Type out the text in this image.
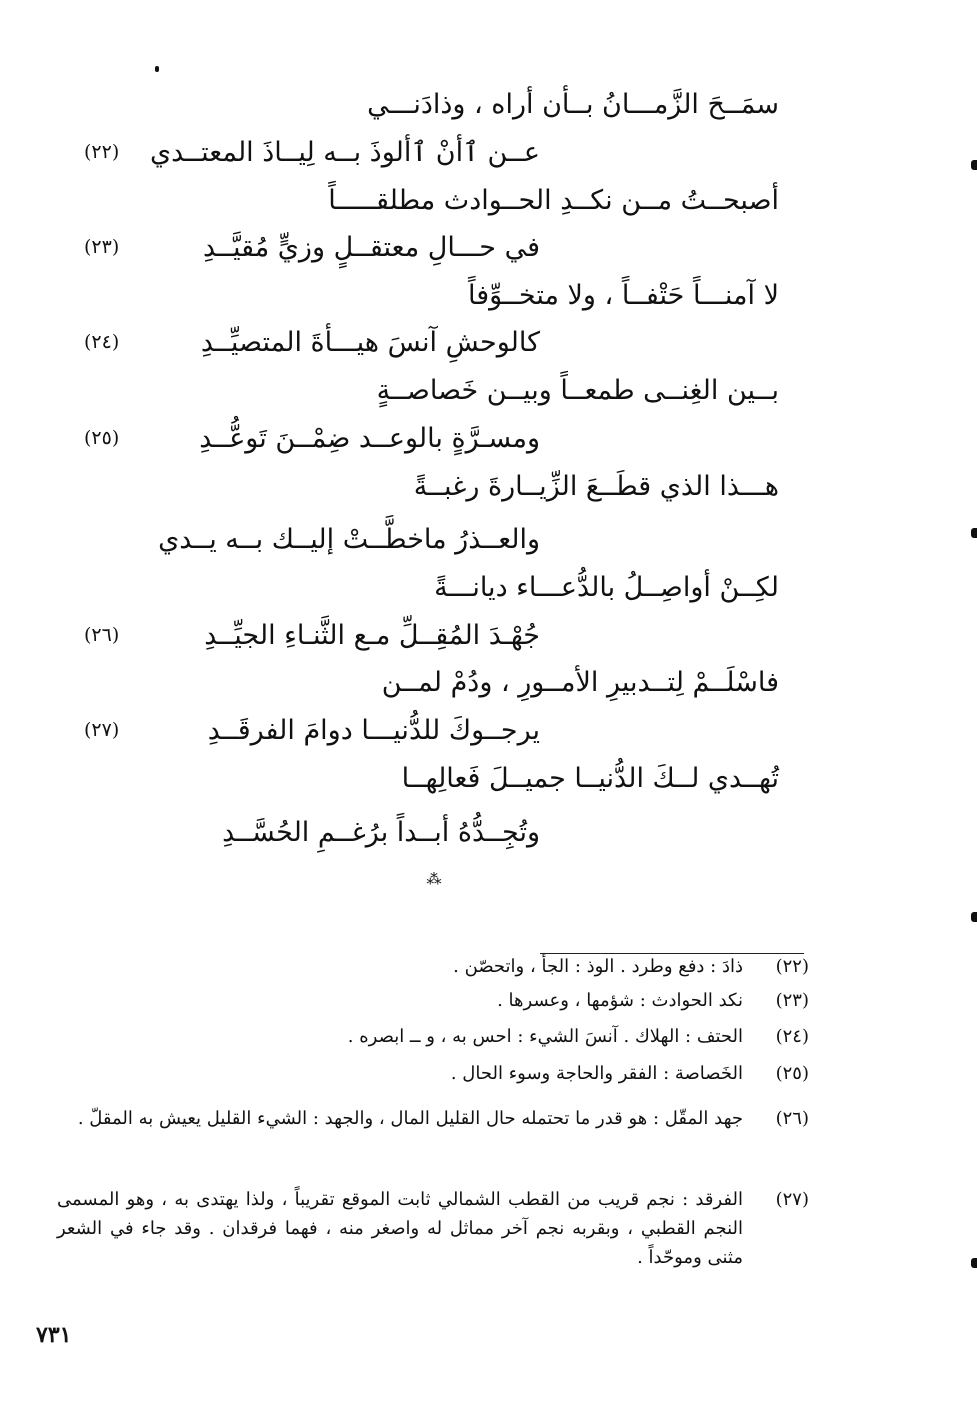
سمَــحَ الزَّمـــانُ بــأن أراه ، وذادَنـــي
عــن ٱأنْ ٱألوذَ بــه لِيــاذَ المعتــدي
(٢٢)
أصبحــتُ مــن نكــدِ الحــوادث مطلقـــــاً
في حـــالِ معتقــلٍ وزيٍّ مُقيَّــدِ
(٢٣)
لا آمنـــاً حَتْفــاً ، ولا متخــوِّفاً
كالوحشِ آنسَ هيـــأةَ المتصيِّــدِ
(٢٤)
بــين الغِنــى طمعــاً وبيــن خَصاصــةٍ
ومسـرَّةٍ بالوعــد ضِمْــنَ تَوعُّــدِ
(٢٥)
هـــذا الذي قطَــعَ الزِّيــارةَ رغبــةً
والعــذرُ ماخطَّــتْ إليــك بــه يــدي
لكِــنْ أواصِــلُ بالدُّعـــاء ديانـــةً
جُهْـدَ المُقِــلِّ مـع الثَّنـاءِ الجيِّــدِ
(٢٦)
فاسْلَــمْ لِتــدبيرِ الأمــورِ ، ودُمْ لمــن
يرجــوكَ للدُّنيـــا دوامَ الفرقَــدِ
(٢٧)
تُهــدي لــكَ الدُّنيــا جميــلَ فَعالِهــا
وتُجِــدُّهُ أبــداً برُغــمِ الحُسَّــدِ
⁂
(٢٢)
ذادَ : دفع وطرد . الوذ : الجأ ، واتحصّن .
(٢٣)
نكد الحوادث : شؤمها ، وعسرها .
(٢٤)
الحتف : الهلاك . آنسَ الشيء : احس به ، و ــ ابصره .
(٢٥)
الخَصاصة : الفقر والحاجة وسوء الحال .
(٢٦)
جهد المقّل : هو قدر ما تحتمله حال القليل المال ، والجهد : الشيء القليل يعيش به المقلّ .
(٢٧)
الفرقد : نجم قريب من القطب الشمالي ثابت الموقع تقريباً ، ولذا يهتدى به ، وهو المسمى النجم القطبي ، وبقربه نجم آخر مماثل له واصغر منه ، فهما فرقدان . وقد جاء في الشعر مثنى وموحّداً .
٧٣١
